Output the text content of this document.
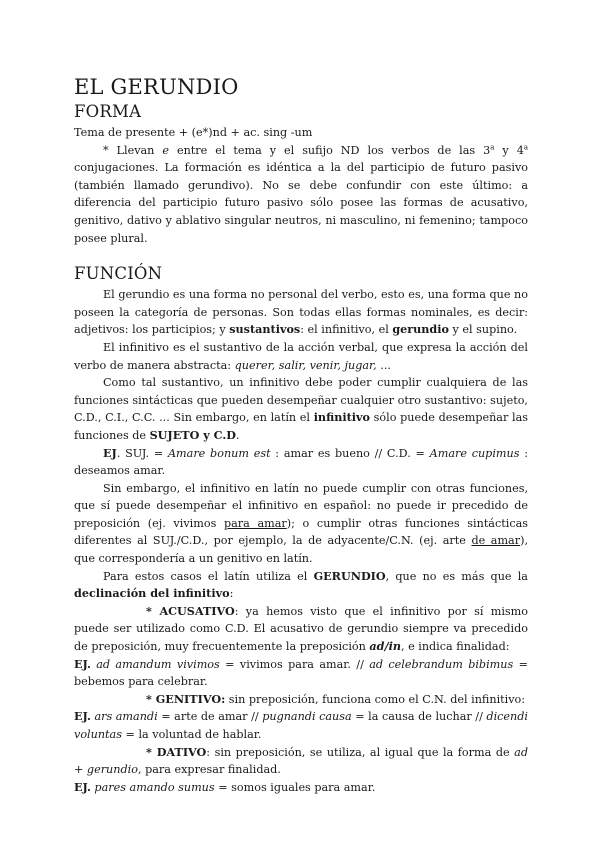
EL GERUNDIO
FORMA

Tema de presente + (e*)nd + ac. sing -um

* Llevan e entre el tema y el sufijo ND los verbos de las 3$^a$ y 4$^a$ conjugaciones. La formación es idéntica a la del participio de futuro pasivo (también llamado gerundivo). No se debe confundir con este último: a diferencia del participio futuro pasivo sólo posee las formas de acusativo, genitivo, dativo y ablativo singular neutros, ni masculino, ni femenino; tampoco posee plural.

FUNCIÓN

El gerundio es una forma no personal del verbo, esto es, una forma que no poseen la categoría de personas. Son todas ellas formas nominales, es decir: adjetivos: los participios; y sustantivos: el infinitivo, el gerundio y el supino.

El infinitivo es el sustantivo de la acción verbal, que expresa la acción del verbo de manera abstracta: querer, salir, venir, jugar, ...

Como tal sustantivo, un infinitivo debe poder cumplir cualquiera de las funciones sintácticas que pueden desempeñar cualquier otro sustantivo: sujeto, C.D., C.I., C.C. ... Sin embargo, en latín el infinitivo sólo puede desempeñar las funciones de SUJETO y C.D.

EJ. SUJ. = Amare bonum est : amar es bueno // C.D. = Amare cupimus : deseamos amar.

Sin embargo, el infinitivo en latín no puede cumplir con otras funciones, que sí puede desempeñar el infinitivo en español: no puede ir precedido de preposición (ej. vivimos para amar); o cumplir otras funciones sintácticas diferentes al SUJ./C.D., por ejemplo, la de adyacente/C.N. (ej. arte de amar), que correspondería a un genitivo en latín.

Para estos casos el latín utiliza el GERUNDIO, que no es más que la declinación del infinitivo:

* ACUSATIVO: ya hemos visto que el infinitivo por sí mismo puede ser utilizado como C.D. El acusativo de gerundio siempre va precedido de preposición, muy frecuentemente la preposición ad/in, e indica finalidad:

EJ. ad amandum vivimos = vivimos para amar. // ad celebrandum bibimus = bebemos para celebrar.

* GENITIVO: sin preposición, funciona como el C.N. del infinitivo:

EJ. ars amandi = arte de amar // pugnandi causa = la causa de luchar // dicendi voluntas = la voluntad de hablar.

* DATIVO: sin preposición, se utiliza, al igual que la forma de ad + gerundio, para expresar finalidad.

EJ. pares amando sumus = somos iguales para amar.
